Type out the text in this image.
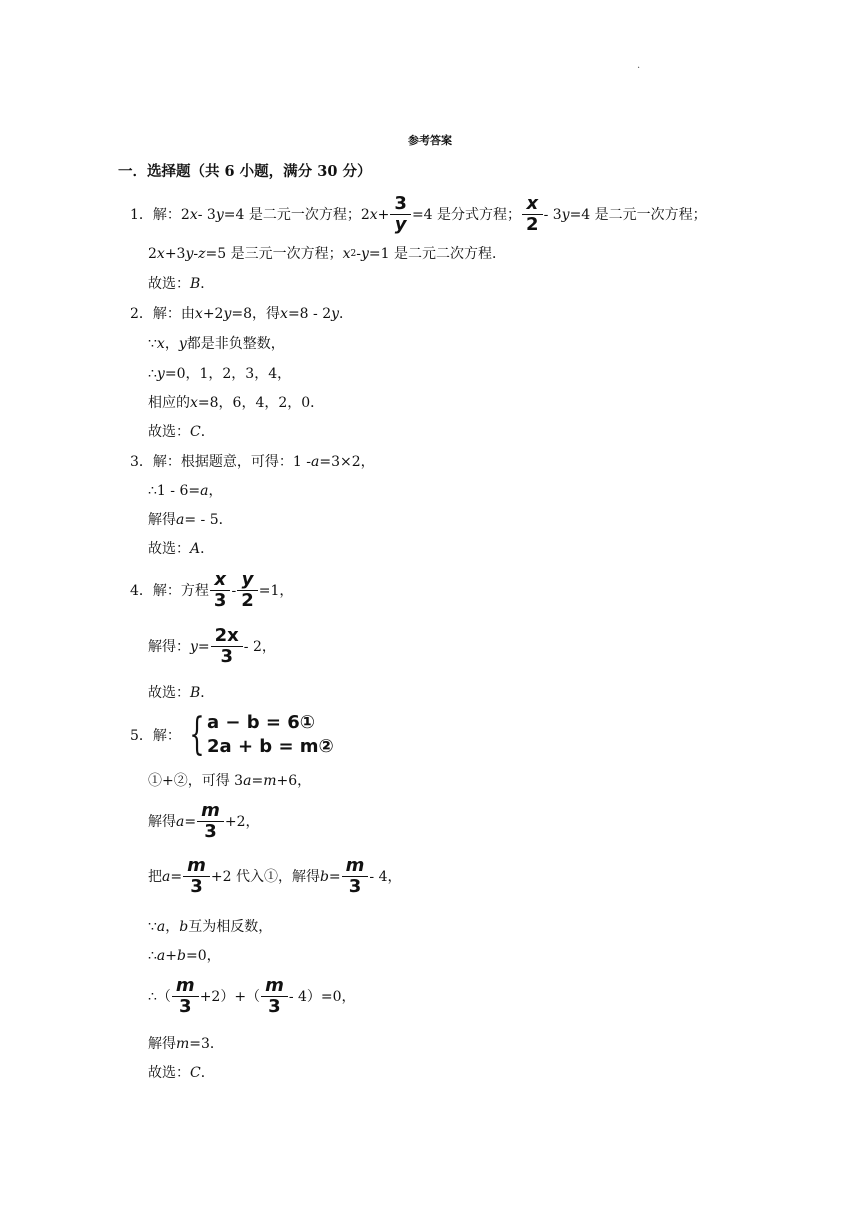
.
参考答案
一．选择题（共 6 小题，满分 30 分）
1． 解：2 x - 3 y =4 是二元一次方程；2 $x + \frac{3}{y} =4$ 是分式方程； $\frac{x}{2} - 3$ y =4 是二元一次方程；
2 x +3 y - z =5 是三元一次方程； x 2 - y =1 是二元二次方程．
故选： B ．
2． 解：由 x +2 y =8，得 x =8 - 2 y ．
∵ x ， y 都是非负整数，
∴ y =0，1，2，3，4，
相应的 x =8，6，4，2，0．
故选： C ．
3． 解：根据题意，可得：1 - a =3×2，
∴1 - 6= a ，
解得 a = - 5．
故选： A ．
4． 解：方程 $\frac{x}{3} - \frac{y}{2} =1$，
解得： $y = \frac{2x}{3} - 2$，
故选： B ．
5． 解： { a − b = 6①
2a + b = m②
①+②，可得 3 a = m +6，
解得 $a = \frac{m}{3} +2$，
把 $a = \frac{m}{3} +2$ 代入①，解得 $b = \frac{m}{3} - 4$，
∵ a ， b 互为相反数，
∴ a + b =0，
∴（ $\frac{m}{3} +2)+( \frac{m}{3} - 4)=0$，
解得 m =3．
故选： C ．
